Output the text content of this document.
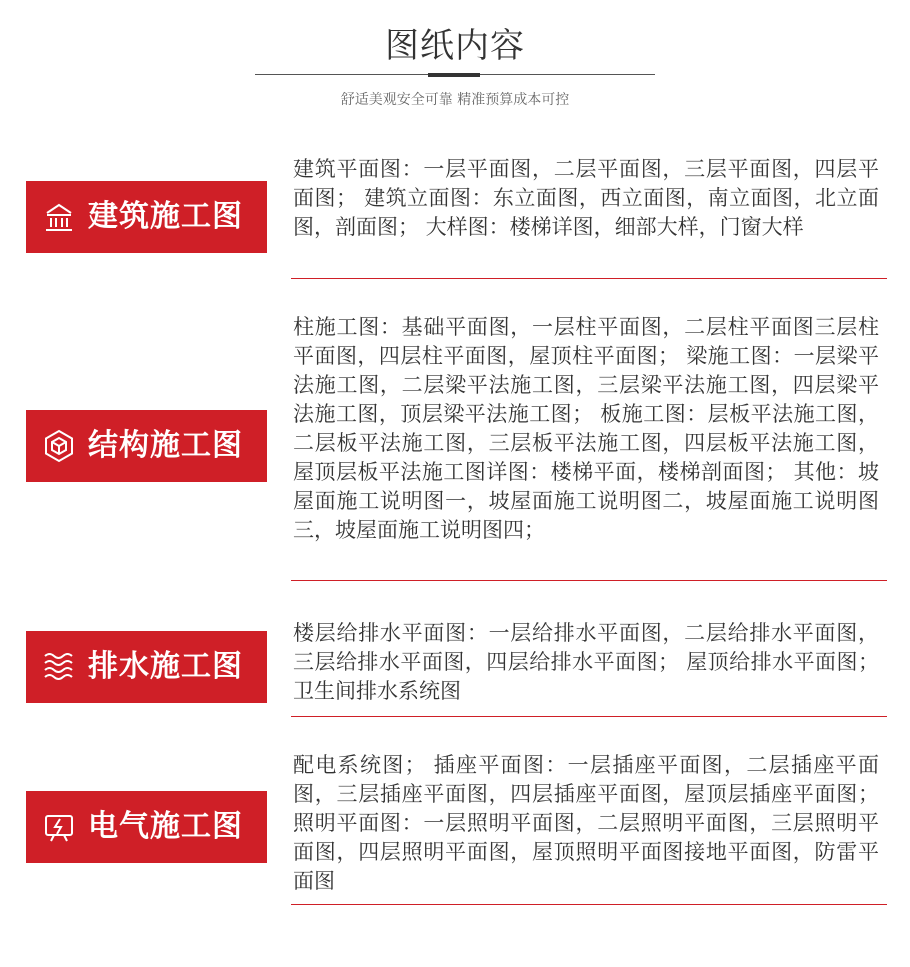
图纸内容
舒适美观安全可靠 精准预算成本可控
建筑施工图
建筑平面图：一层平面图，二层平面图，三层平面图，四层平面图； 建筑立面图：东立面图，西立面图，南立面图，北立面图，剖面图； 大样图：楼梯详图，细部大样，门窗大样
结构施工图
柱施工图：基础平面图，一层柱平面图，二层柱平面图三层柱平面图，四层柱平面图，屋顶柱平面图； 梁施工图：一层梁平法施工图，二层梁平法施工图，三层梁平法施工图，四层梁平法施工图，顶层梁平法施工图； 板施工图：层板平法施工图，二层板平法施工图，三层板平法施工图，四层板平法施工图，屋顶层板平法施工图详图：楼梯平面，楼梯剖面图； 其他：坡屋面施工说明图一，坡屋面施工说明图二，坡屋面施工说明图三，坡屋面施工说明图四；
排水施工图
楼层给排水平面图：一层给排水平面图，二层给排水平面图，三层给排水平面图，四层给排水平面图； 屋顶给排水平面图； 卫生间排水系统图
电气施工图
配电系统图； 插座平面图：一层插座平面图，二层插座平面图，三层插座平面图，四层插座平面图，屋顶层插座平面图； 照明平面图：一层照明平面图，二层照明平面图，三层照明平面图，四层照明平面图，屋顶照明平面图接地平面图，防雷平面图
